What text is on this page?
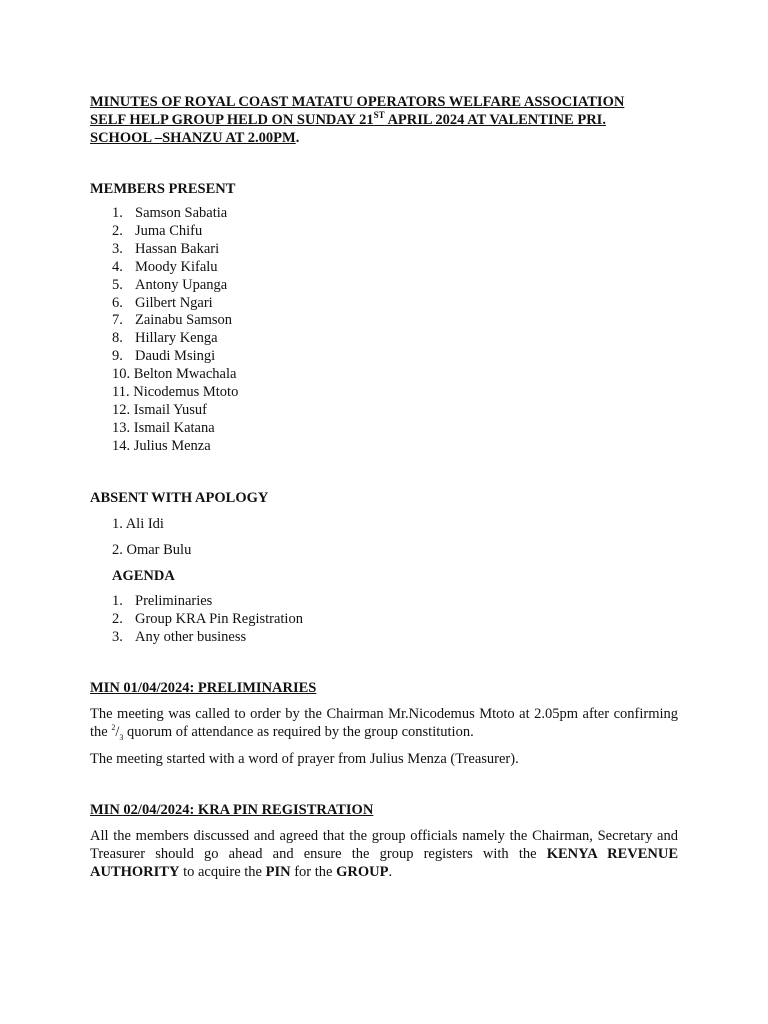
MINUTES OF ROYAL COAST MATATU OPERATORS WELFARE ASSOCIATION
SELF HELP GROUP HELD ON SUNDAY 21ST APRIL 2024 AT VALENTINE PRI.
SCHOOL –SHANZU AT 2.00PM.
MEMBERS PRESENT
1. Samson Sabatia
2. Juma Chifu
3. Hassan Bakari
4. Moody Kifalu
5. Antony Upanga
6. Gilbert Ngari
7. Zainabu Samson
8. Hillary Kenga
9. Daudi Msingi
10. Belton Mwachala
11. Nicodemus Mtoto
12. Ismail Yusuf
13. Ismail Katana
14. Julius Menza
ABSENT WITH APOLOGY
1. Ali Idi
2. Omar Bulu
AGENDA
1. Preliminaries
2. Group KRA Pin Registration
3. Any other business
MIN 01/04/2024: PRELIMINARIES

The meeting was called to order by the Chairman Mr.Nicodemus Mtoto at 2.05pm after confirming the $^2/_3$ quorum of attendance as required by the group constitution.

The meeting started with a word of prayer from Julius Menza (Treasurer).

MIN 02/04/2024: KRA PIN REGISTRATION

All the members discussed and agreed that the group officials namely the Chairman, Secretary and Treasurer should go ahead and ensure the group registers with the KENYA REVENUE AUTHORITY to acquire the PIN for the GROUP.
